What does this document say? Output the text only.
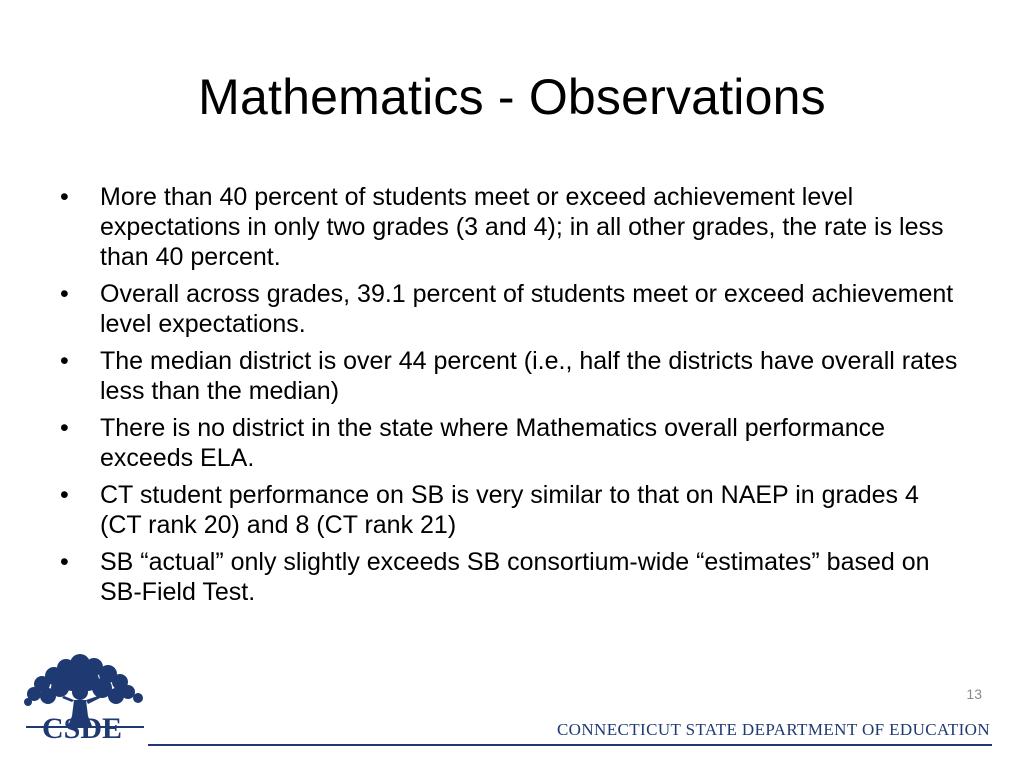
Mathematics - Observations
•	More than 40 percent of students meet or exceed achievement level expectations in only two grades (3 and 4); in all other grades, the rate is less than 40 percent.
•	Overall across grades, 39.1 percent of students meet or exceed achievement level expectations.
•	The median district is over 44 percent (i.e., half the districts have overall rates less than the median)
•	There is no district in the state where Mathematics overall performance exceeds ELA.
•	CT student performance on SB is very similar to that on NAEP in grades 4 (CT rank 20) and 8 (CT rank 21)
•	SB “actual” only slightly exceeds SB consortium-wide “estimates” based on SB-Field Test.
13
CSDE	CONNECTICUT STATE DEPARTMENT OF EDUCATION
